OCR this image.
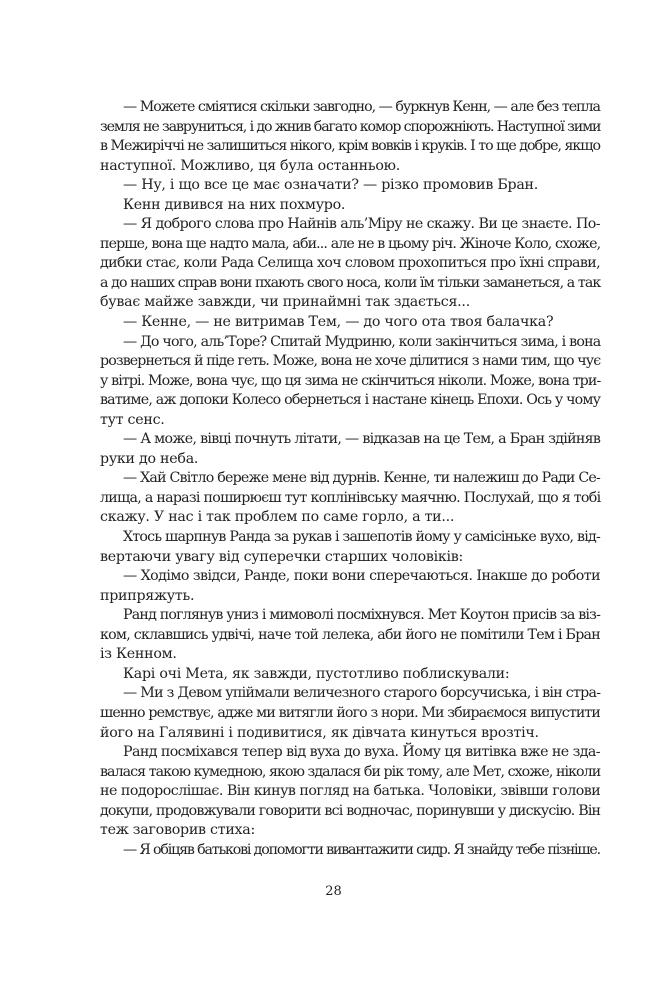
— Можете сміятися скільки завгодно, — буркнув Кенн, — але без тепла
земля не завруниться, і до жнив багато комор спорожніють. Наступної зими
в Межиріччі не залишиться нікого, крім вовків і круків. І то ще добре, якщо
наступної. Можливо, ця була останньою.
— Ну, і що все це має означати? — різко промовив Бран.
Кенн дивився на них похмуро.
— Я доброго слова про Найнів аль’Міру не скажу. Ви це знаєте. По-
перше, вона ще надто мала, аби... але не в цьому річ. Жіноче Коло, схоже,
дибки стає, коли Рада Селища хоч словом прохопиться про їхні справи,
а до наших справ вони пхають свого носа, коли їм тільки заманеться, а так
буває майже завжди, чи принаймні так здається...
— Кенне, — не витримав Тем, — до чого ота твоя балачка?
— До чого, аль’Торе? Спитай Мудриню, коли закінчиться зима, і вона
розвернеться й піде геть. Може, вона не хоче ділитися з нами тим, що чує
у вітрі. Може, вона чує, що ця зима не скінчиться ніколи. Може, вона три-
ватиме, аж допоки Колесо обернеться і настане кінець Епохи. Ось у чому
тут сенс.
— А може, вівці почнуть літати, — відказав на це Тем, а Бран здійняв
руки до неба.
— Хай Світло береже мене від дурнів. Кенне, ти належиш до Ради Се-
лища, а наразі поширюєш тут коплінівську маячню. Послухай, що я тобі
скажу. У нас і так проблем по саме горло, а ти...
Хтось шарпнув Ранда за рукав і зашепотів йому у самісіньке вухо, від-
вертаючи увагу від суперечки старших чоловіків:
— Ходімо звідси, Ранде, поки вони сперечаються. Інакше до роботи
припряжуть.
Ранд поглянув униз і мимоволі посміхнувся. Мет Коутон присів за віз-
ком, склавшись удвічі, наче той лелека, аби його не помітили Тем і Бран
із Кенном.
Карі очі Мета, як завжди, пустотливо поблискували:
— Ми з Девом упіймали величезного старого борсучиська, і він стра-
шенно ремствує, адже ми витягли його з нори. Ми збираємося випустити
його на Галявині і подивитися, як дівчата кинуться врозтіч.
Ранд посміхався тепер від вуха до вуха. Йому ця витівка вже не зда-
валася такою кумедною, якою здалася би рік тому, але Мет, схоже, ніколи
не подорослішає. Він кинув погляд на батька. Чоловіки, звівши голови
докупи, продовжували говорити всі водночас, поринувши у дискусію. Він
теж заговорив стиха:
— Я обіцяв батькові допомогти вивантажити сидр. Я знайду тебе пізніше.
28
